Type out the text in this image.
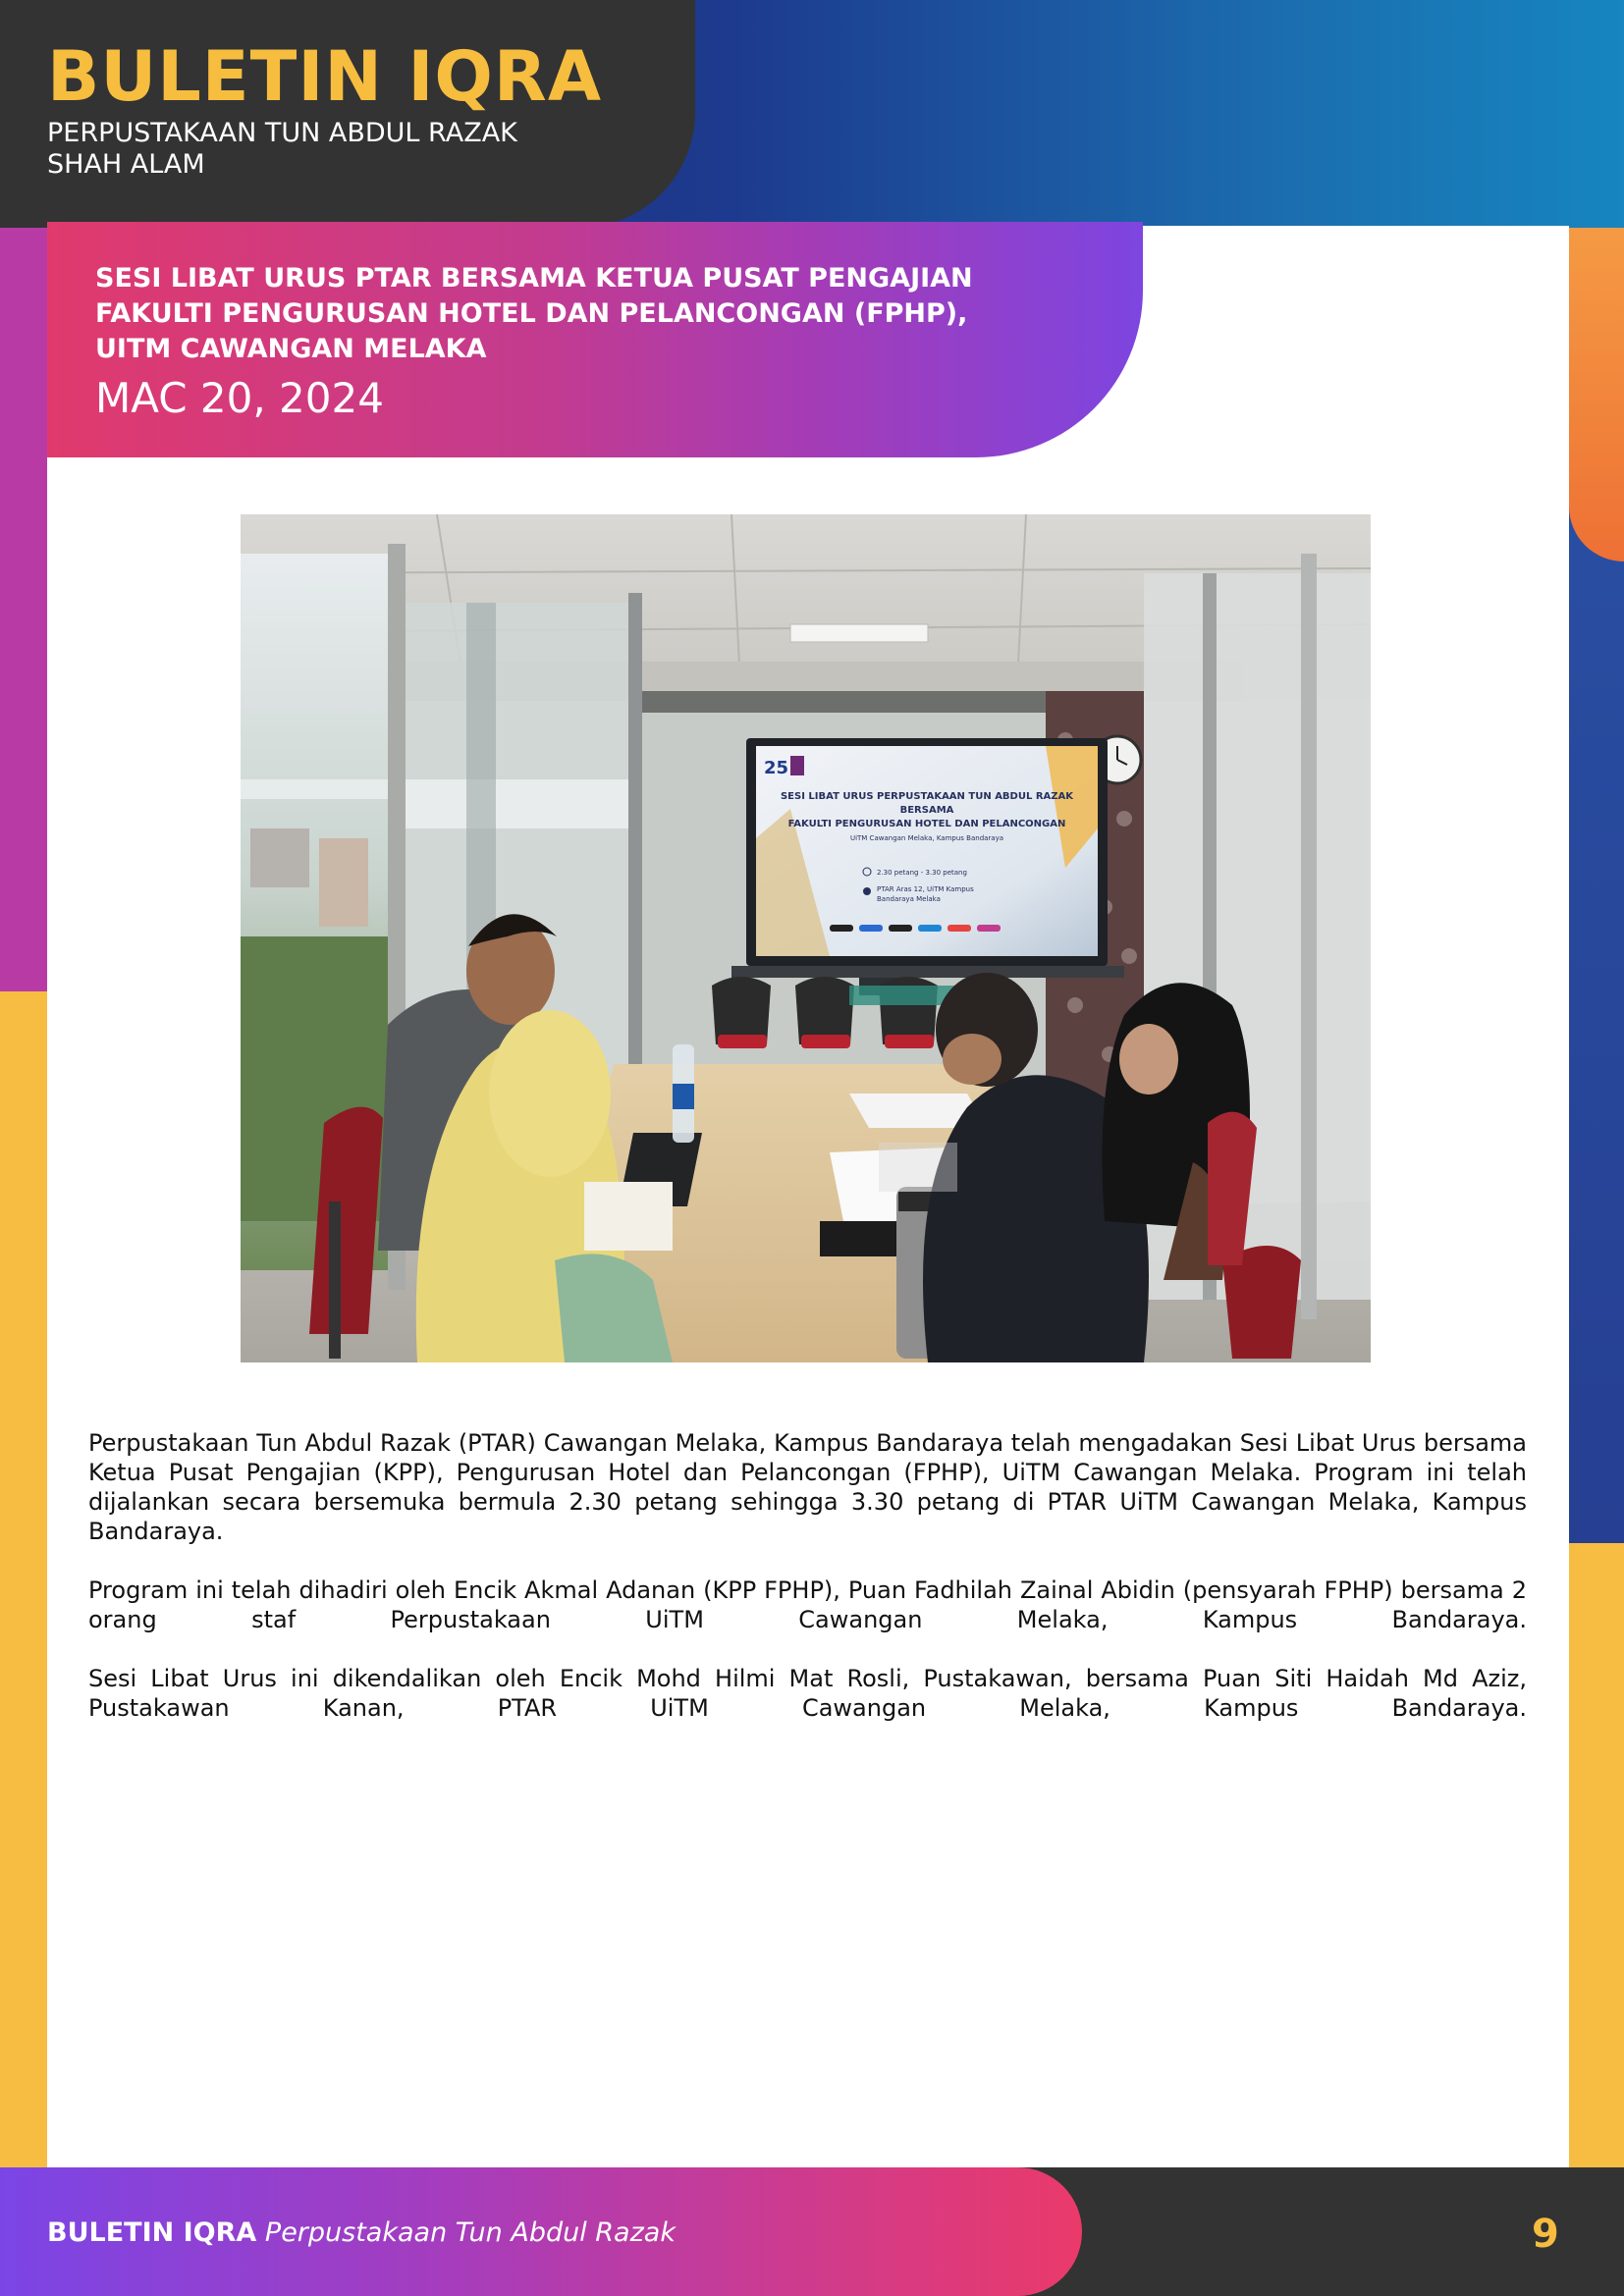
BULETIN IQRA
PERPUSTAKAAN TUN ABDUL RAZAK
SHAH ALAM
SESI LIBAT URUS PTAR BERSAMA KETUA PUSAT PENGAJIAN
FAKULTI PENGURUSAN HOTEL DAN PELANCONGAN (FPHP),
UITM CAWANGAN MELAKA
MAC 20, 2024
25
SESI LIBAT URUS PERPUSTAKAAN TUN ABDUL RAZAK
BERSAMA
FAKULTI PENGURUSAN HOTEL DAN PELANCONGAN
UiTM Cawangan Melaka, Kampus Bandaraya
2.30 petang - 3.30 petang
PTAR Aras 12, UiTM Kampus
Bandaraya Melaka

Perpustakaan Tun Abdul Razak (PTAR) Cawangan Melaka, Kampus Bandaraya telah mengadakan Sesi Libat Urus bersama Ketua Pusat Pengajian (KPP), Pengurusan Hotel dan Pelancongan (FPHP), UiTM Cawangan Melaka. Program ini telah dijalankan secara bersemuka bermula 2.30 petang sehingga 3.30 petang di PTAR UiTM Cawangan Melaka, Kampus Bandaraya.

Program ini telah dihadiri oleh Encik Akmal Adanan (KPP FPHP), Puan Fadhilah Zainal Abidin (pensyarah FPHP) bersama 2 orang staf Perpustakaan UiTM Cawangan Melaka, Kampus Bandaraya.

Sesi Libat Urus ini dikendalikan oleh Encik Mohd Hilmi Mat Rosli, Pustakawan, bersama Puan Siti Haidah Md Aziz, Pustakawan Kanan, PTAR UiTM Cawangan Melaka, Kampus Bandaraya.

BULETIN IQRA Perpustakaan Tun Abdul Razak	9
